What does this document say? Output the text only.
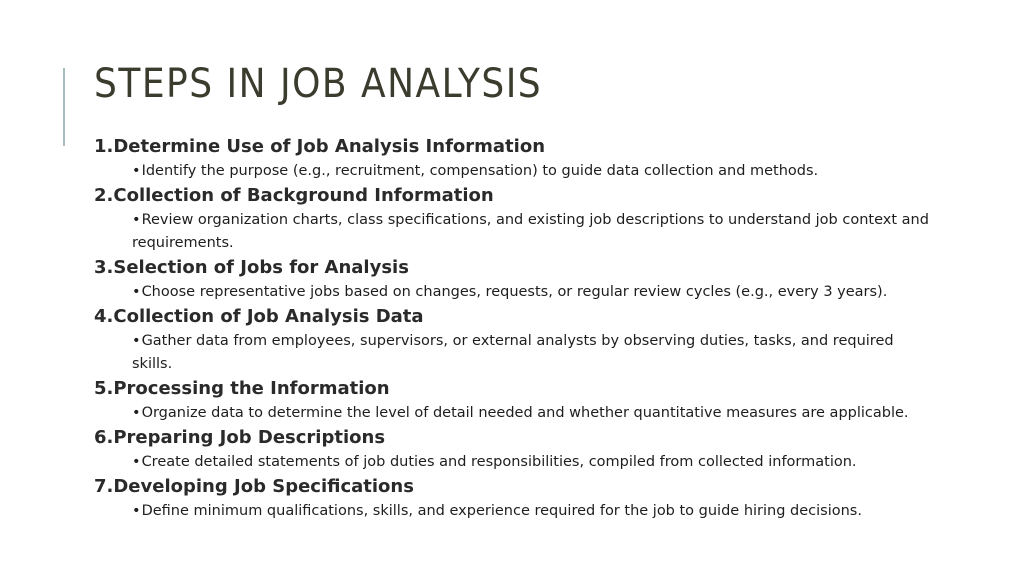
STEPS IN JOB ANALYSIS
1.Determine Use of Job Analysis Information
•Identify the purpose (e.g., recruitment, compensation) to guide data collection and methods.
2.Collection of Background Information
•Review organization charts, class specifications, and existing job descriptions to understand job context and requirements.
3.Selection of Jobs for Analysis
•Choose representative jobs based on changes, requests, or regular review cycles (e.g., every 3 years).
4.Collection of Job Analysis Data
•Gather data from employees, supervisors, or external analysts by observing duties, tasks, and required skills.
5.Processing the Information
•Organize data to determine the level of detail needed and whether quantitative measures are applicable.
6.Preparing Job Descriptions
•Create detailed statements of job duties and responsibilities, compiled from collected information.
7.Developing Job Specifications
•Define minimum qualifications, skills, and experience required for the job to guide hiring decisions.
